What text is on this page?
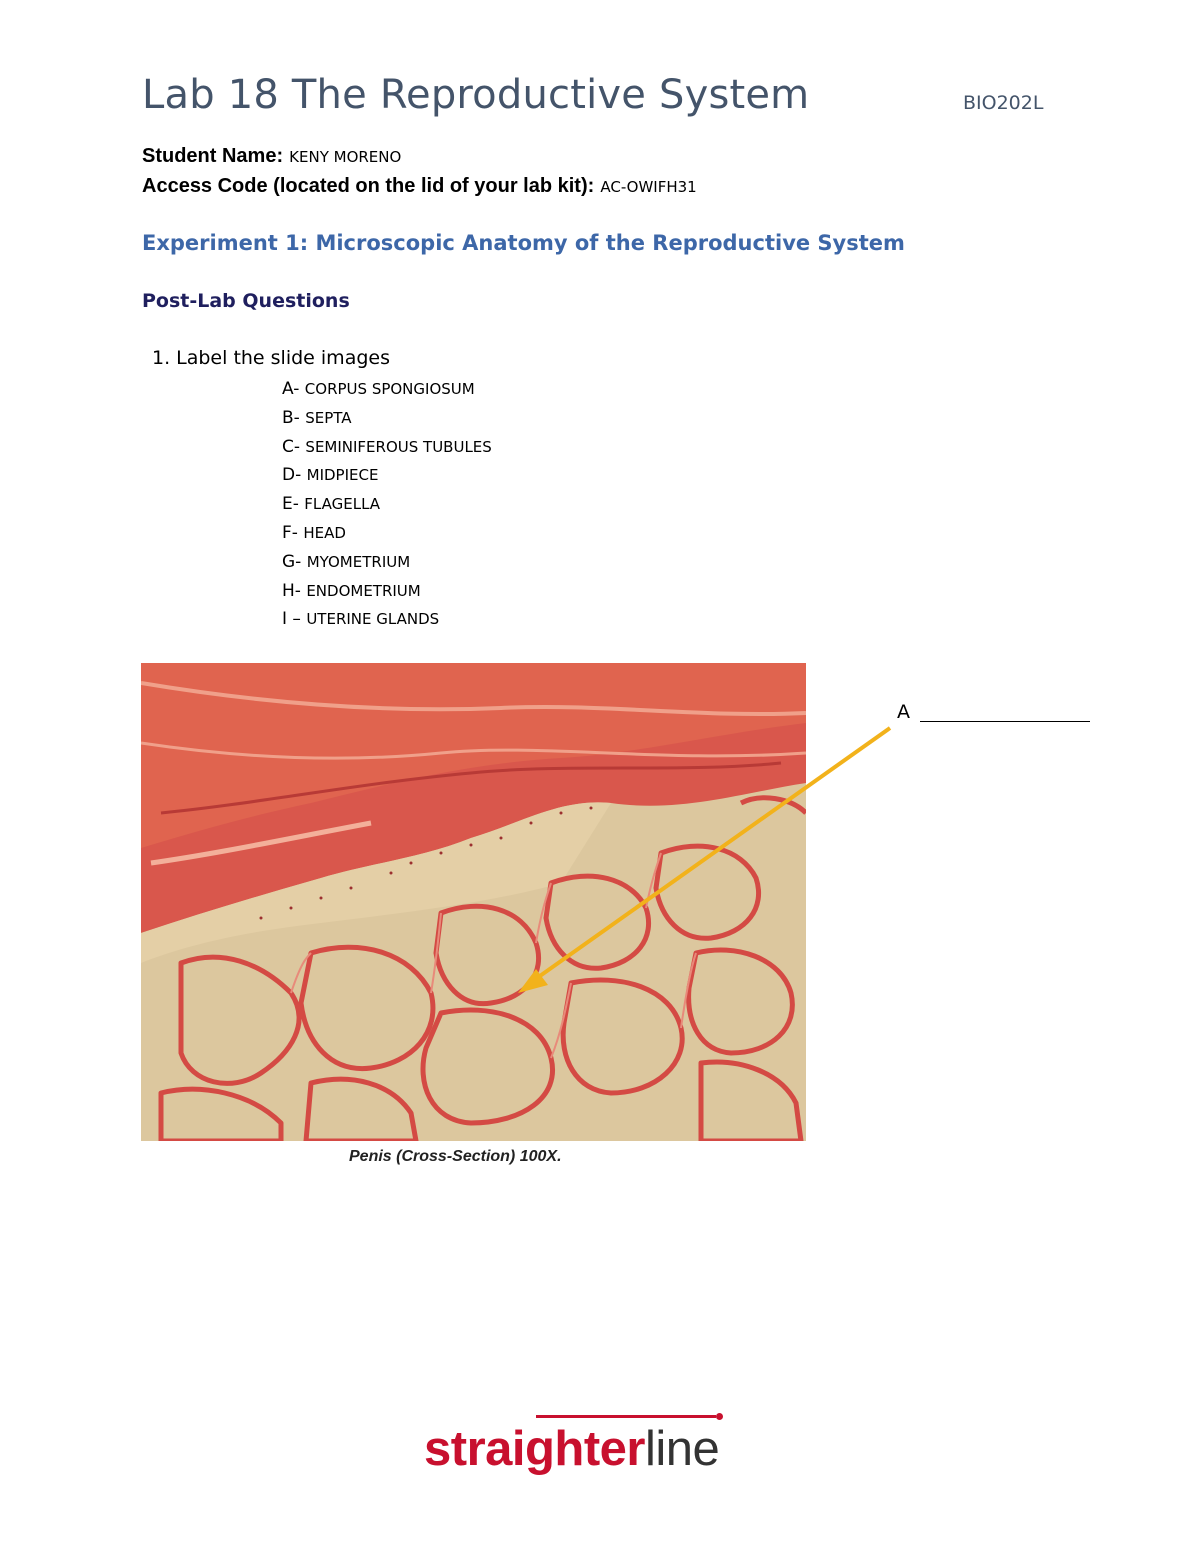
Lab 18 The Reproductive System	BIO202L
Student Name: KENY MORENO
Access Code (located on the lid of your lab kit): AC-OWIFH31
Experiment 1: Microscopic Anatomy of the Reproductive System
Post-Lab Questions
1. Label the slide images
A- CORPUS SPONGIOSUM
B- SEPTA
C- SEMINIFEROUS TUBULES
D- MIDPIECE
E- FLAGELLA
F- HEAD
G- MYOMETRIUM
H- ENDOMETRIUM
I – UTERINE GLANDS
Penis (Cross-Section) 100X.
A
straighterline
